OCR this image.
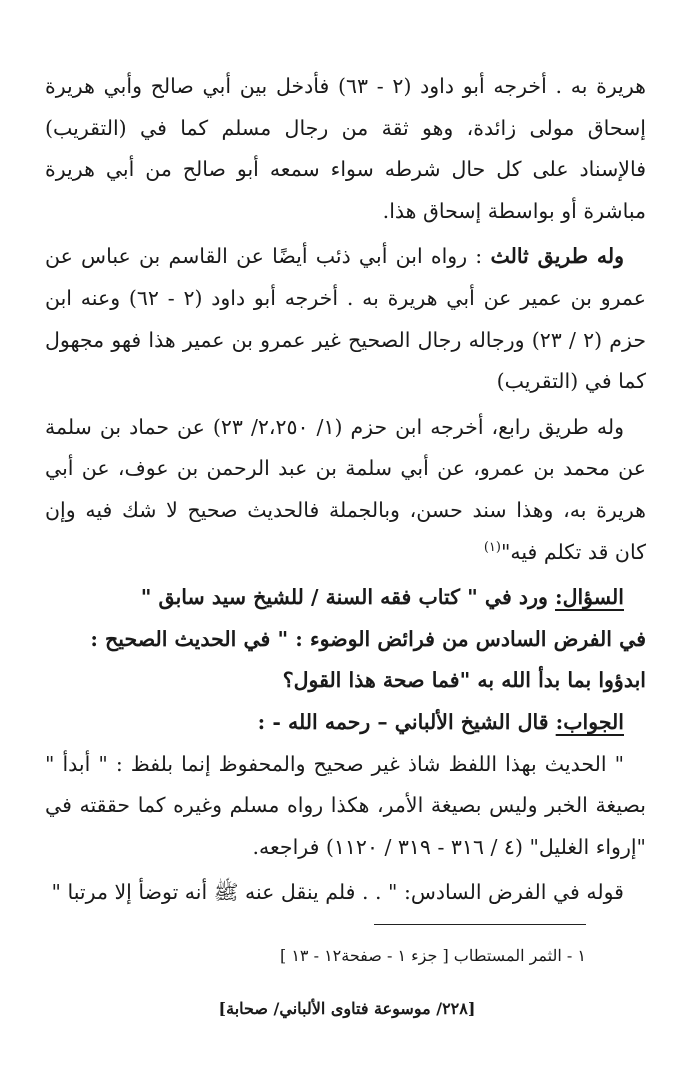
هريرة به . أخرجه أبو داود (٢ - ٦٣) فأدخل بين أبي صالح وأبي هريرة إسحاق مولى زائدة، وهو ثقة من رجال مسلم كما في (التقريب) فالإسناد على كل حال شرطه سواء سمعه أبو صالح من أبي هريرة مباشرة أو بواسطة إسحاق هذا.

وله طريق ثالث : رواه ابن أبي ذئب أيضًا عن القاسم بن عباس عن عمرو بن عمير عن أبي هريرة به . أخرجه أبو داود (٢ - ٦٢) وعنه ابن حزم (٢ / ٢٣) ورجاله رجال الصحيح غير عمرو بن عمير هذا فهو مجهول كما في (التقريب)

وله طريق رابع، أخرجه ابن حزم (١/ ٢،٢٥٠/ ٢٣) عن حماد بن سلمة عن محمد بن عمرو، عن أبي سلمة بن عبد الرحمن بن عوف، عن أبي هريرة به، وهذا سند حسن، وبالجملة فالحديث صحيح لا شك فيه وإن كان قد تكلم فيه"$^{(١)}$

السؤال: ورد في " كتاب فقه السنة / للشيخ سيد سابق "

في الفرض السادس من فرائض الوضوء : " في الحديث الصحيح :

ابدؤوا بما بدأ الله به "فما صحة هذا القول؟

الجواب: قال الشيخ الألباني – رحمه الله - :

" الحديث بهذا اللفظ شاذ غير صحيح والمحفوظ إنما بلفظ : " أبدأ " بصيغة الخبر وليس بصيغة الأمر، هكذا رواه مسلم وغيره كما حققته في "إرواء الغليل" (٤ / ٣١٦ - ٣١٩ / ١١٢٠) فراجعه.

قوله في الفرض السادس: " . . فلم ينقل عنه ﷺ أنه توضأ إلا مرتبا "

١ - الثمر المستطاب [ جزء ١ - صفحة١٢ - ١٣ ]
[٢٢٨/ موسوعة فتاوى الألباني/ صحابة]
